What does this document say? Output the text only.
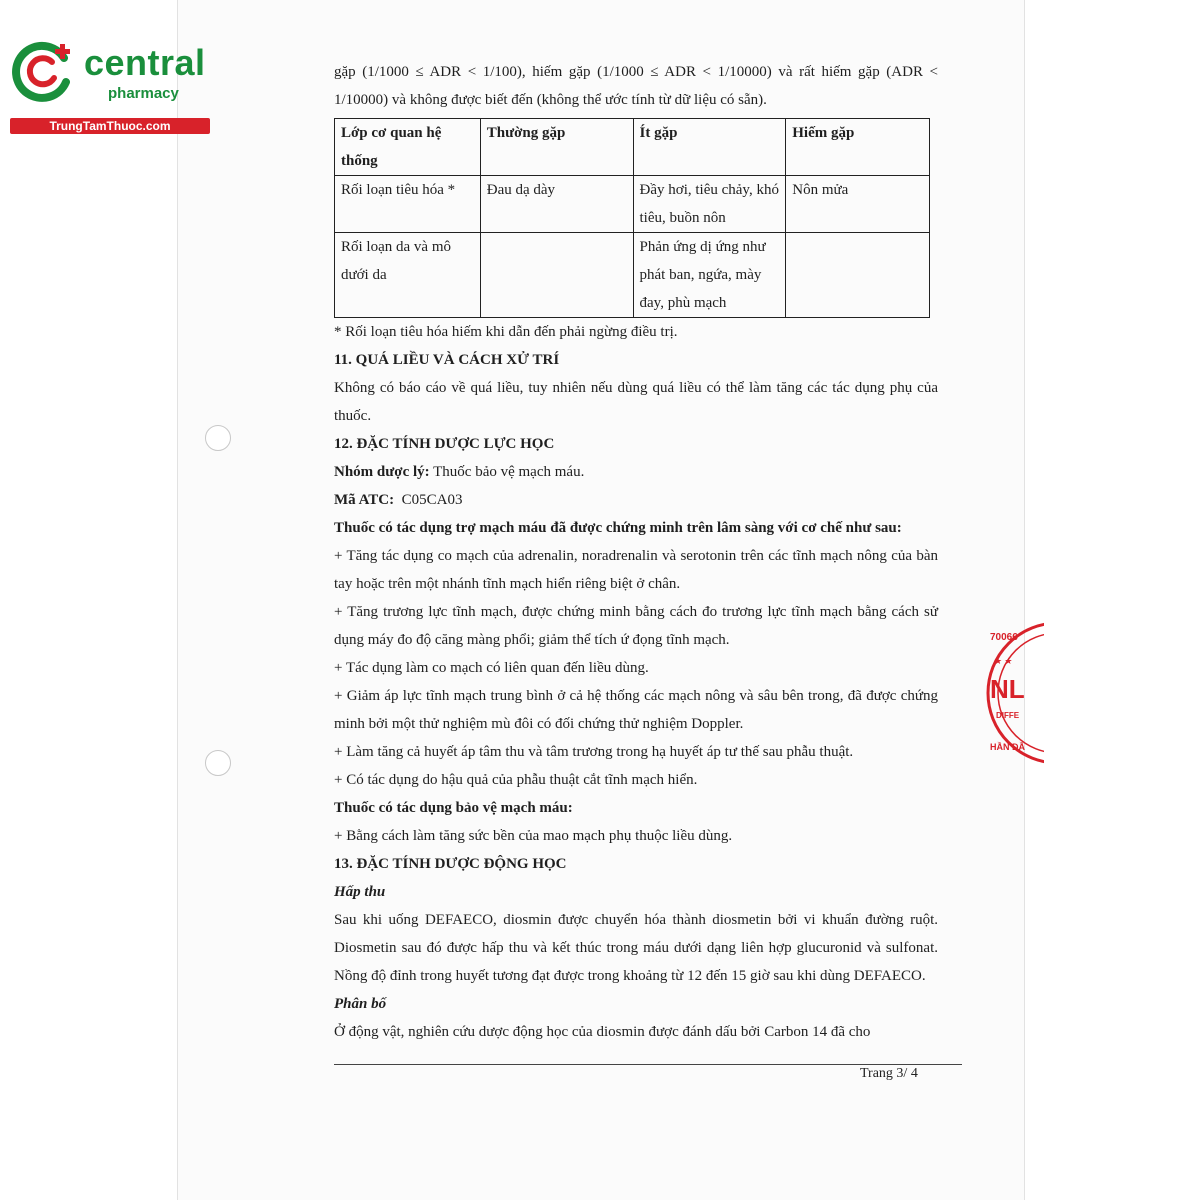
central
pharmacy
TrungTamThuoc.com
70066
★ ★
NL
DIFFE
HẦN ĐẦ

gặp (1/1000 ≤ ADR < 1/100), hiếm gặp (1/1000 ≤ ADR < 1/10000) và rất hiếm gặp (ADR < 1/10000) và không được biết đến (không thể ước tính từ dữ liệu có sẵn).

Lớp cơ quan hệ thống	Thường gặp	Ít gặp	Hiếm gặp
Rối loạn tiêu hóa *	Đau dạ dày	Đầy hơi, tiêu chảy, khó tiêu, buồn nôn	Nôn mửa
Rối loạn da và mô dưới da		Phản ứng dị ứng như phát ban, ngứa, mày đay, phù mạch	

* Rối loạn tiêu hóa hiếm khi dẫn đến phải ngừng điều trị.

11. QUÁ LIỀU VÀ CÁCH XỬ TRÍ

Không có báo cáo về quá liều, tuy nhiên nếu dùng quá liều có thể làm tăng các tác dụng phụ của thuốc.

12. ĐẶC TÍNH DƯỢC LỰC HỌC

Nhóm dược lý: Thuốc bảo vệ mạch máu.

Mã ATC:  C05CA03

Thuốc có tác dụng trợ mạch máu đã được chứng minh trên lâm sàng với cơ chế như sau:

+ Tăng tác dụng co mạch của adrenalin, noradrenalin và serotonin trên các tĩnh mạch nông của bàn tay hoặc trên một nhánh tĩnh mạch hiển riêng biệt ở chân.

+ Tăng trương lực tĩnh mạch, được chứng minh bằng cách đo trương lực tĩnh mạch bằng cách sử dụng máy đo độ căng màng phổi; giảm thể tích ứ đọng tĩnh mạch.

+ Tác dụng làm co mạch có liên quan đến liều dùng.

+ Giảm áp lực tĩnh mạch trung bình ở cả hệ thống các mạch nông và sâu bên trong, đã được chứng minh bởi một thử nghiệm mù đôi có đối chứng thử nghiệm Doppler.

+ Làm tăng cả huyết áp tâm thu và tâm trương trong hạ huyết áp tư thế sau phẫu thuật.

+ Có tác dụng do hậu quả của phẫu thuật cắt tĩnh mạch hiển.

Thuốc có tác dụng bảo vệ mạch máu:

+ Bằng cách làm tăng sức bền của mao mạch phụ thuộc liều dùng.

13. ĐẶC TÍNH DƯỢC ĐỘNG HỌC

Hấp thu

Sau khi uống DEFAECO, diosmin được chuyển hóa thành diosmetin bởi vi khuẩn đường ruột. Diosmetin sau đó được hấp thu và kết thúc trong máu dưới dạng liên hợp glucuronid và sulfonat. Nồng độ đỉnh trong huyết tương đạt được trong khoảng từ 12 đến 15 giờ sau khi dùng DEFAECO.

Phân bố

Ở động vật, nghiên cứu dược động học của diosmin được đánh dấu bởi Carbon 14 đã cho

Trang 3/ 4
